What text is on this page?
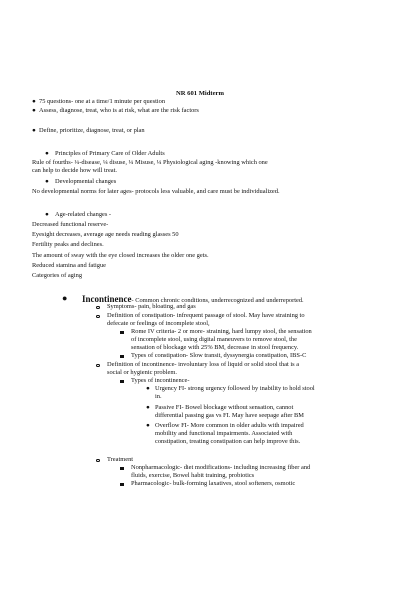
NR 601 Midterm
● 75 questions- one at a time/1 minute per question
● Assess, diagnose, treat, who is at risk, what are the risk factors
● Define, prioritize, diagnose, treat, or plan
● Principles of Primary Care of Older Adults
Rule of fourths- ¼-disease, ¼ disuse, ¼ Misuse, ¼ Physiological aging -knowing which one
can help to decide how will treat.
● Developmental changes
No developmental norms for later ages- protocols less valuable, and care must be individualized.
● Age-related changes -
Decreased functional reserve-
Eyesight decreases, average age needs reading glasses 50
Fertility peaks and declines.
The amount of sway with the eye closed increases the older one gets.
Reduced stamina and fatigue
Categories of aging
● Incontinence- Common chronic conditions, underrecognized and underreported.
Symptoms- pain, bloating, and gas
Definition of constipation- infrequent passage of stool. May have straining to
defecate or feelings of incomplete stool,
Rome IV criteria- 2 or more- straining, hard lumpy stool, the sensation
of incomplete stool, using digital maneuvers to remove stool, the
sensation of blockage with 25% BM, decrease in stool frequency.
Types of constipation- Slow transit, dyssynergia constipation, IBS-C
Definition of incontinence- involuntary loss of liquid or solid stool that is a
social or hygienic problem.
Types of incontinence-
● Urgency FI- strong urgency followed by inability to hold stool
in.
● Passive FI- Bowel blockage without sensation, cannot
differential passing gas vs FI. May have seepage after BM
● Overflow FI- More common in older adults with impaired
mobility and functional impairments. Associated with
constipation, treating constipation can help improve this.
Treatment
Nonpharmacologic- diet modifications- including increasing fiber and
fluids, exercise, Bowel habit training, probiotics
Pharmacologic- bulk-forming laxatives, stool softeners, osmotic
